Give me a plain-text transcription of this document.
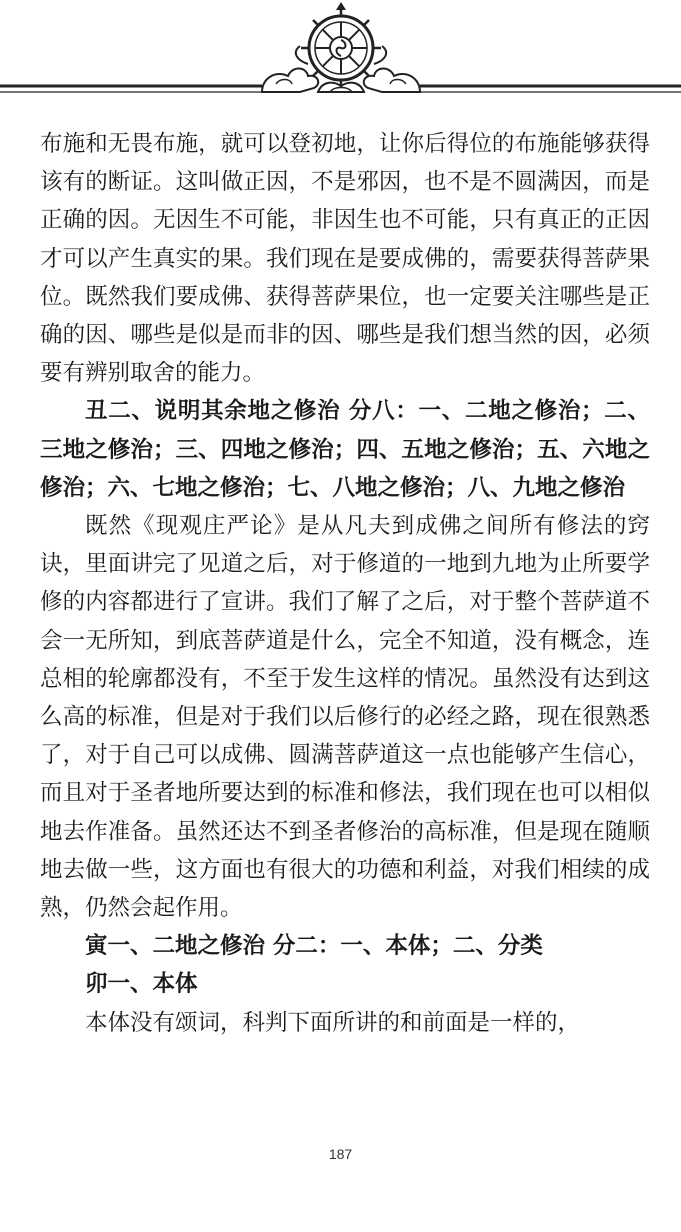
布施和无畏布施，就可以登初地，让你后得位的布施能够获得该有的断证。这叫做正因，不是邪因，也不是不圆满因，而是正确的因。无因生不可能，非因生也不可能，只有真正的正因才可以产生真实的果。我们现在是要成佛的，需要获得菩萨果位。既然我们要成佛、获得菩萨果位，也一定要关注哪些是正确的因、哪些是似是而非的因、哪些是我们想当然的因，必须要有辨别取舍的能力。

丑二、说明其余地之修治 分八：一、二地之修治；二、三地之修治；三、四地之修治；四、五地之修治；五、六地之修治；六、七地之修治；七、八地之修治；八、九地之修治

既然《现观庄严论》是从凡夫到成佛之间所有修法的窍诀，里面讲完了见道之后，对于修道的一地到九地为止所要学修的内容都进行了宣讲。我们了解了之后，对于整个菩萨道不会一无所知，到底菩萨道是什么，完全不知道，没有概念，连总相的轮廓都没有，不至于发生这样的情况。虽然没有达到这么高的标准，但是对于我们以后修行的必经之路，现在很熟悉了，对于自己可以成佛、圆满菩萨道这一点也能够产生信心，而且对于圣者地所要达到的标准和修法，我们现在也可以相似地去作准备。虽然还达不到圣者修治的高标准，但是现在随顺地去做一些，这方面也有很大的功德和利益，对我们相续的成熟，仍然会起作用。

寅一、二地之修治 分二：一、本体；二、分类

卯一、本体

本体没有颂词，科判下面所讲的和前面是一样的，

187
